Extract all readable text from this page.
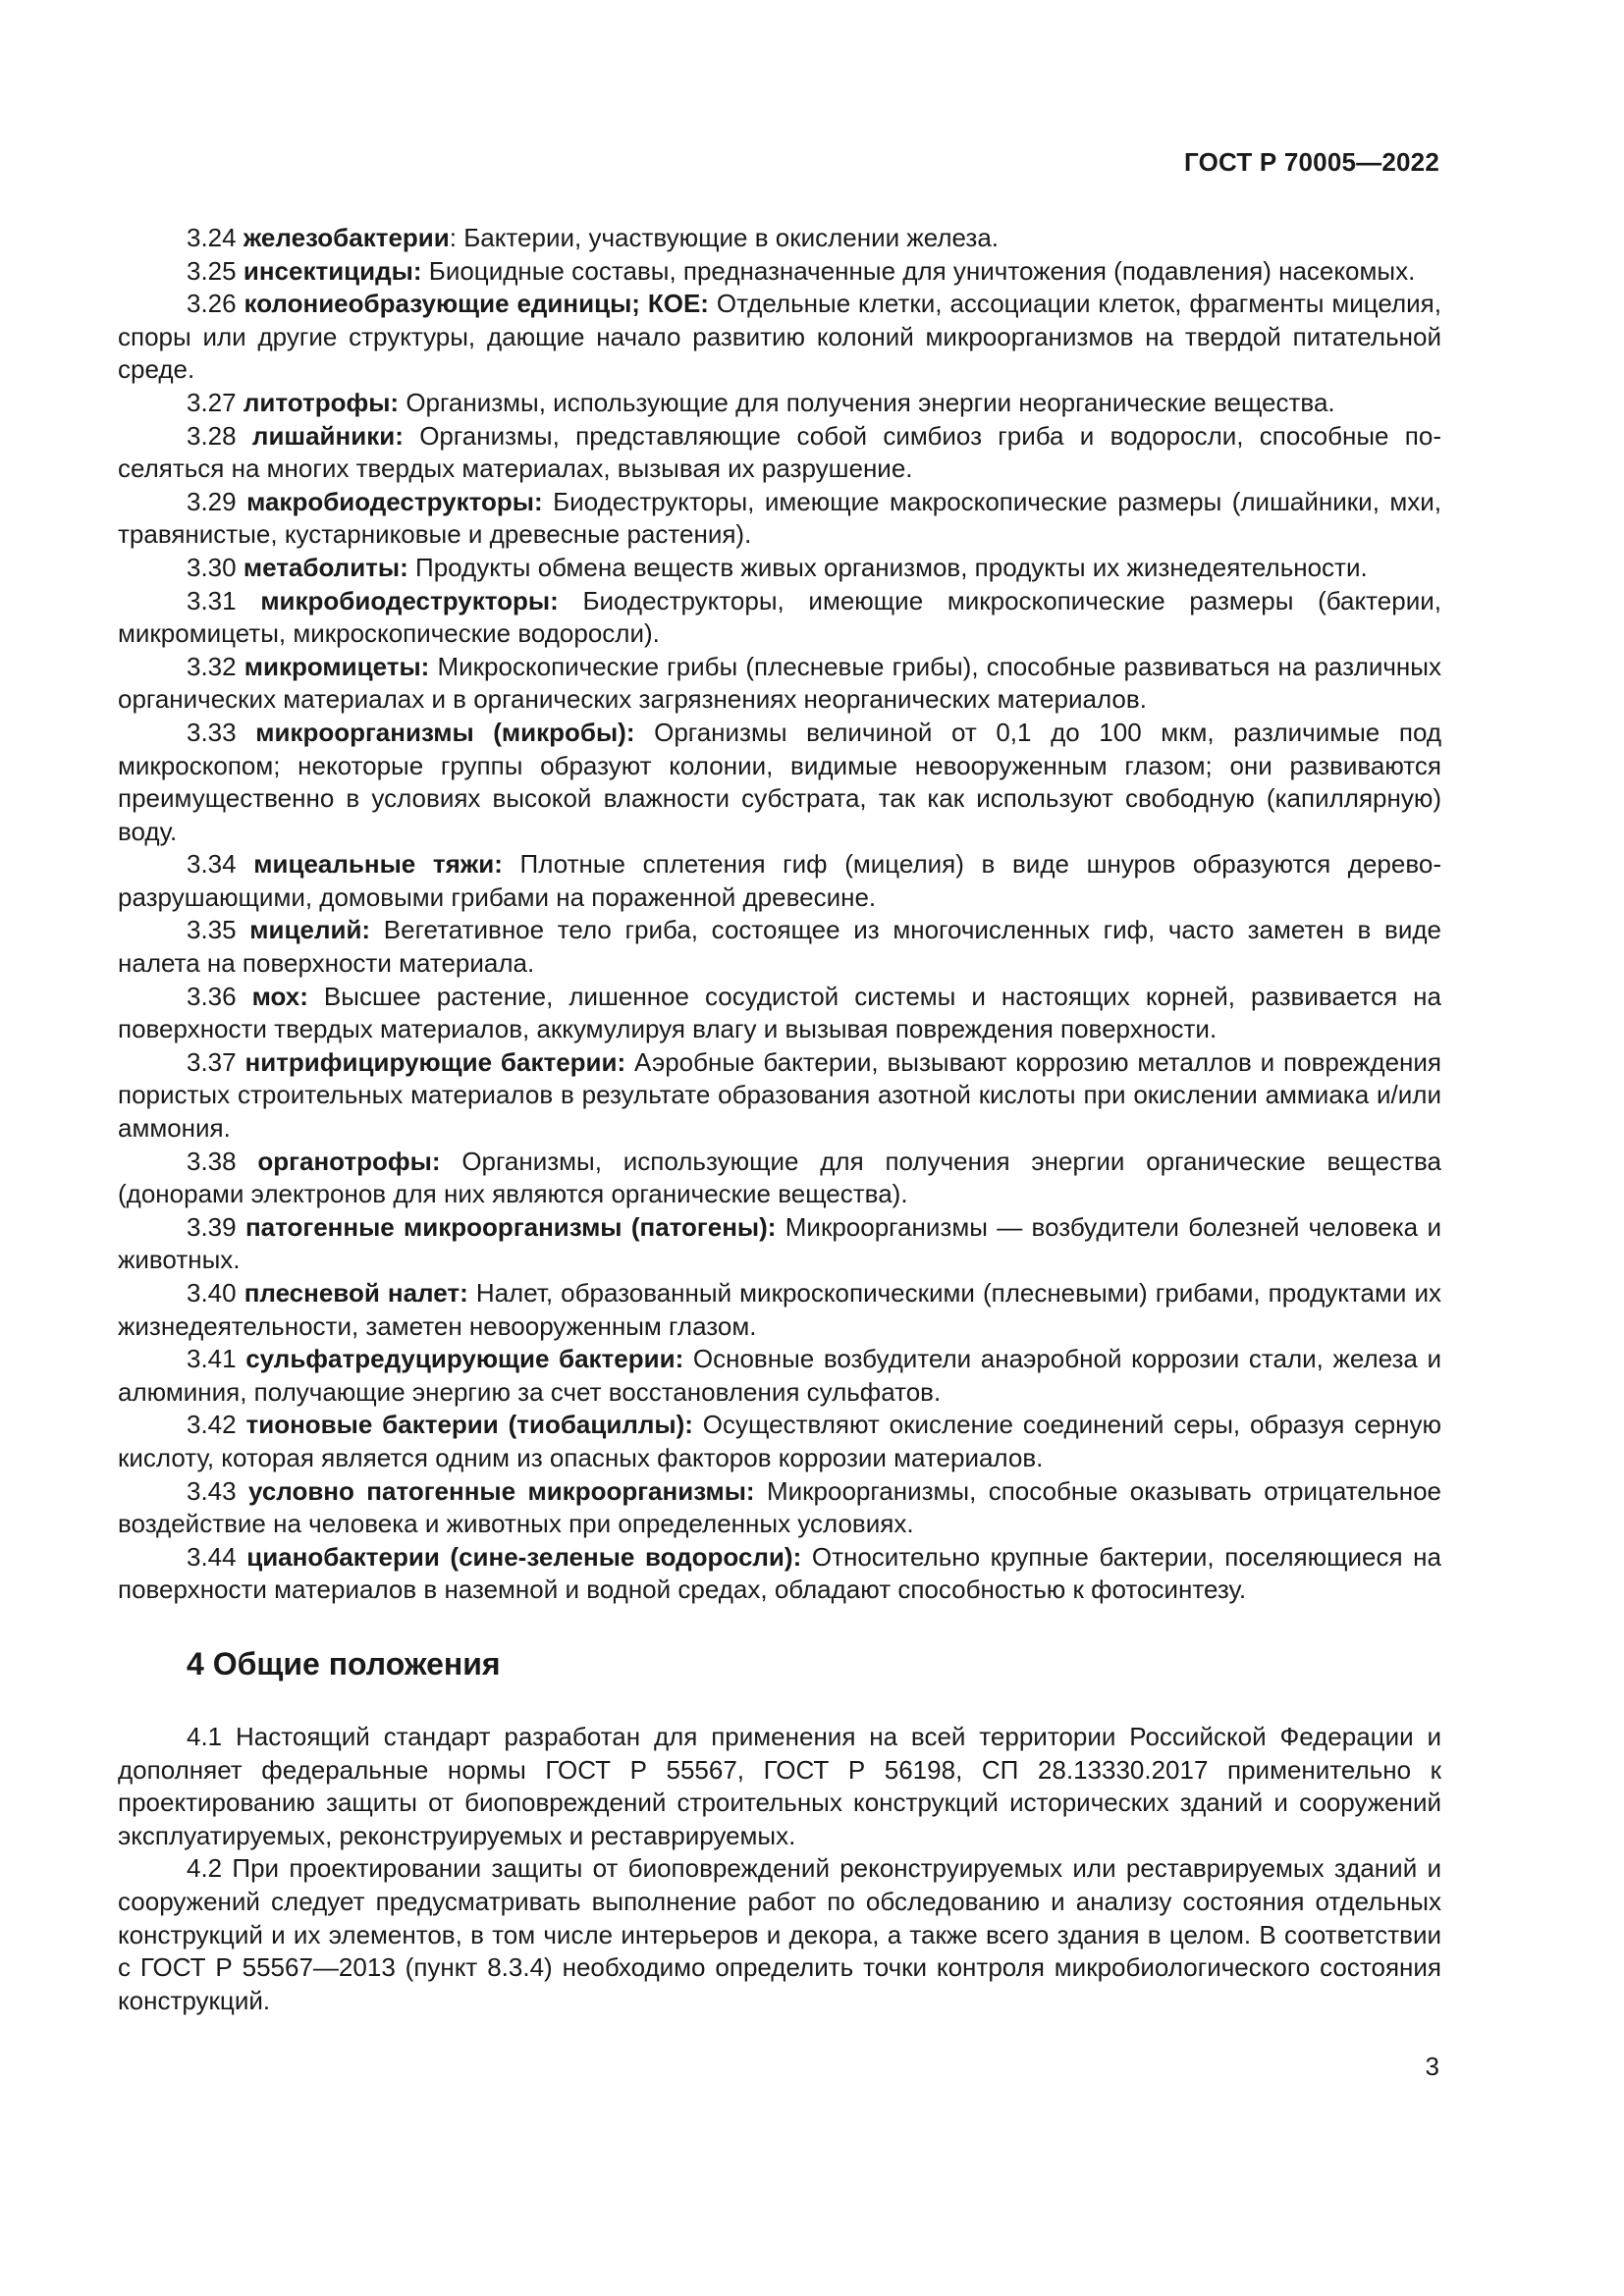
ГОСТ Р 70005—2022

3.24 железобактерии: Бактерии, участвующие в окислении железа.

3.25 инсектициды: Биоцидные составы, предназначенные для уничтожения (подавления) насекомых.

3.26 колониеобразующие единицы; КОЕ: Отдельные клетки, ассоциации клеток, фрагменты мицелия, споры или другие структуры, дающие начало развитию колоний микроорганизмов на твердой питательной среде.

3.27 литотрофы: Организмы, использующие для получения энергии неорганические вещества.

3.28 лишайники: Организмы, представляющие собой симбиоз гриба и водоросли, способные поселяться на многих твердых материалах, вызывая их разрушение.

3.29 макробиодеструкторы: Биодеструкторы, имеющие макроскопические размеры (лишайники, мхи, травянистые, кустарниковые и древесные растения).

3.30 метаболиты: Продукты обмена веществ живых организмов, продукты их жизнедеятельности.

3.31 микробиодеструкторы: Биодеструкторы, имеющие микроскопические размеры (бактерии, микромицеты, микроскопические водоросли).

3.32 микромицеты: Микроскопические грибы (плесневые грибы), способные развиваться на различных органических материалах и в органических загрязнениях неорганических материалов.

3.33 микроорганизмы (микробы): Организмы величиной от 0,1 до 100 мкм, различимые под микроскопом; некоторые группы образуют колонии, видимые невооруженным глазом; они развиваются преимущественно в условиях высокой влажности субстрата, так как используют свободную (капиллярную) воду.

3.34 мицеальные тяжи: Плотные сплетения гиф (мицелия) в виде шнуров образуются дереворазрушающими, домовыми грибами на пораженной древесине.

3.35 мицелий: Вегетативное тело гриба, состоящее из многочисленных гиф, часто заметен в виде налета на поверхности материала.

3.36 мох: Высшее растение, лишенное сосудистой системы и настоящих корней, развивается на поверхности твердых материалов, аккумулируя влагу и вызывая повреждения поверхности.

3.37 нитрифицирующие бактерии: Аэробные бактерии, вызывают коррозию металлов и повреждения пористых строительных материалов в результате образования азотной кислоты при окислении аммиака и/или аммония.

3.38 органотрофы: Организмы, использующие для получения энергии органические вещества (донорами электронов для них являются органические вещества).

3.39 патогенные микроорганизмы (патогены): Микроорганизмы — возбудители болезней человека и животных.

3.40 плесневой налет: Налет, образованный микроскопическими (плесневыми) грибами, продуктами их жизнедеятельности, заметен невооруженным глазом.

3.41 сульфатредуцирующие бактерии: Основные возбудители анаэробной коррозии стали, железа и алюминия, получающие энергию за счет восстановления сульфатов.

3.42 тионовые бактерии (тиобациллы): Осуществляют окисление соединений серы, образуя серную кислоту, которая является одним из опасных факторов коррозии материалов.

3.43 условно патогенные микроорганизмы: Микроорганизмы, способные оказывать отрицательное воздействие на человека и животных при определенных условиях.

3.44 цианобактерии (сине-зеленые водоросли): Относительно крупные бактерии, поселяющиеся на поверхности материалов в наземной и водной средах, обладают способностью к фотосинтезу.

4 Общие положения

4.1 Настоящий стандарт разработан для применения на всей территории Российской Федерации и дополняет федеральные нормы ГОСТ Р 55567, ГОСТ Р 56198, СП 28.13330.2017 применительно к проектированию защиты от биоповреждений строительных конструкций исторических зданий и сооружений эксплуатируемых, реконструируемых и реставрируемых.

4.2 При проектировании защиты от биоповреждений реконструируемых или реставрируемых зданий и сооружений следует предусматривать выполнение работ по обследованию и анализу состояния отдельных конструкций и их элементов, в том числе интерьеров и декора, а также всего здания в целом. В соответствии с ГОСТ Р 55567—2013 (пункт 8.3.4) необходимо определить точки контроля микробиологического состояния конструкций.

3
